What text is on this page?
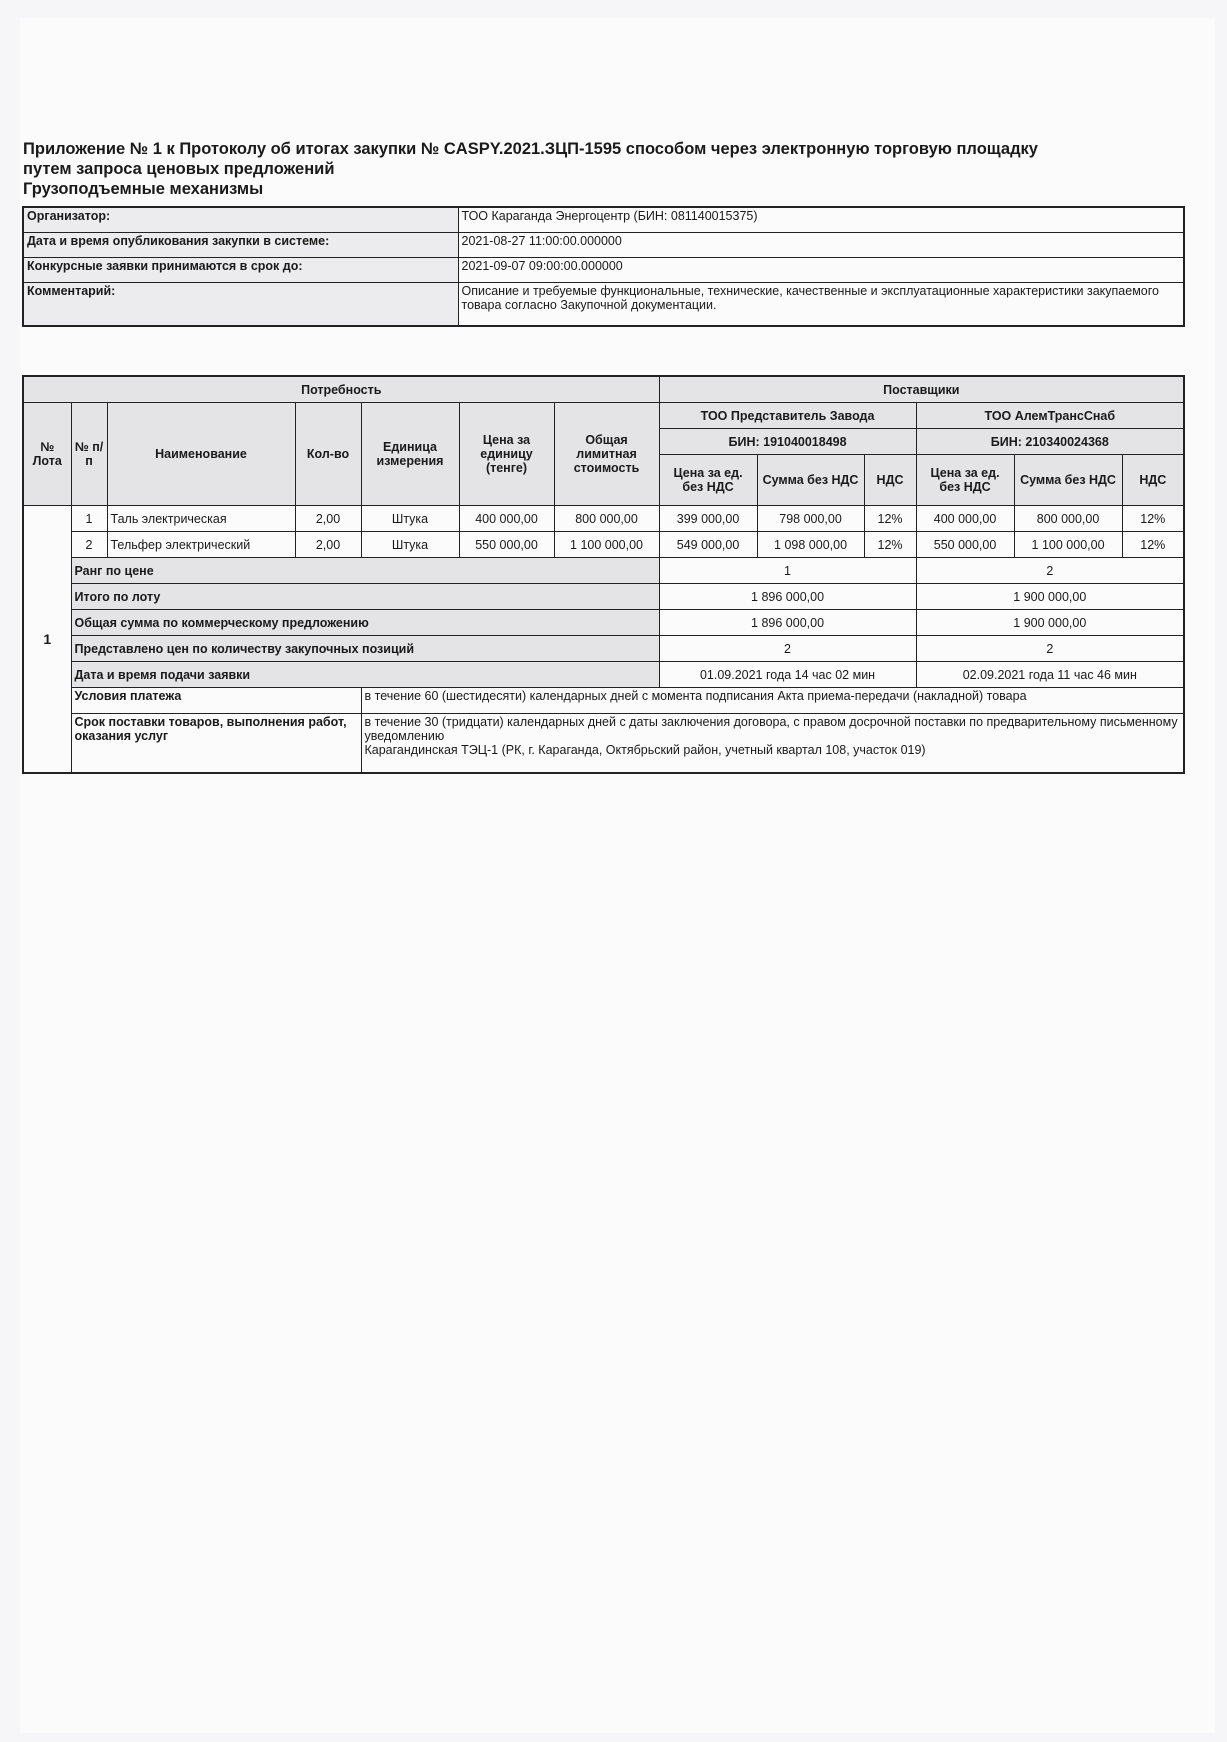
Приложение № 1 к Протоколу об итогах закупки № CASPY.2021.ЗЦП-1595 способом через электронную торговую площадку
путем запроса ценовых предложений
Грузоподъемные механизмы
Организатор:	ТОО Караганда Энергоцентр (БИН: 081140015375)
Дата и время опубликования закупки в системе:	2021-08-27 11:00:00.000000
Конкурсные заявки принимаются в срок до:	2021-09-07 09:00:00.000000
Комментарий:	Описание и требуемые функциональные, технические, качественные и эксплуатационные характеристики закупаемого товара согласно Закупочной документации.
Потребность							Поставщики					
№ Лота	№ п/п	Наименование	Кол-во	Единица измерения	Цена за единицу (тенге)	Общая лимитная стоимость	ТОО Представитель Завода			ТОО АлемТрансСнаб		
							БИН: 191040018498			БИН: 210340024368		
							Цена за ед. без НДС	Сумма без НДС	НДС	Цена за ед. без НДС	Сумма без НДС	НДС
1	1	Таль электрическая	2,00	Штука	400 000,00	800 000,00	399 000,00	798 000,00	12%	400 000,00	800 000,00	12%
	2	Тельфер электрический	2,00	Штука	550 000,00	1 100 000,00	549 000,00	1 098 000,00	12%	550 000,00	1 100 000,00	12%
	Ранг по цене						1			2		
	Итого по лоту						1 896 000,00			1 900 000,00		
	Общая сумма по коммерческому предложению						1 896 000,00			1 900 000,00		
	Представлено цен по количеству закупочных позиций						2			2		
	Дата и время подачи заявки						01.09.2021 года 14 час 02 мин			02.09.2021 года 11 час 46 мин		
	Условия платежа			в течение 60 (шестидесяти) календарных дней с момента подписания Акта приема-передачи (накладной) товара								
	Срок поставки товаров, выполнения работ, оказания услуг			в течение 30 (тридцати) календарных дней с даты заключения договора, с правом досрочной поставки по предварительному письменному уведомлению
Карагандинская ТЭЦ-1 (РК, г. Караганда, Октябрьский район, учетный квартал 108, участок 019)								
